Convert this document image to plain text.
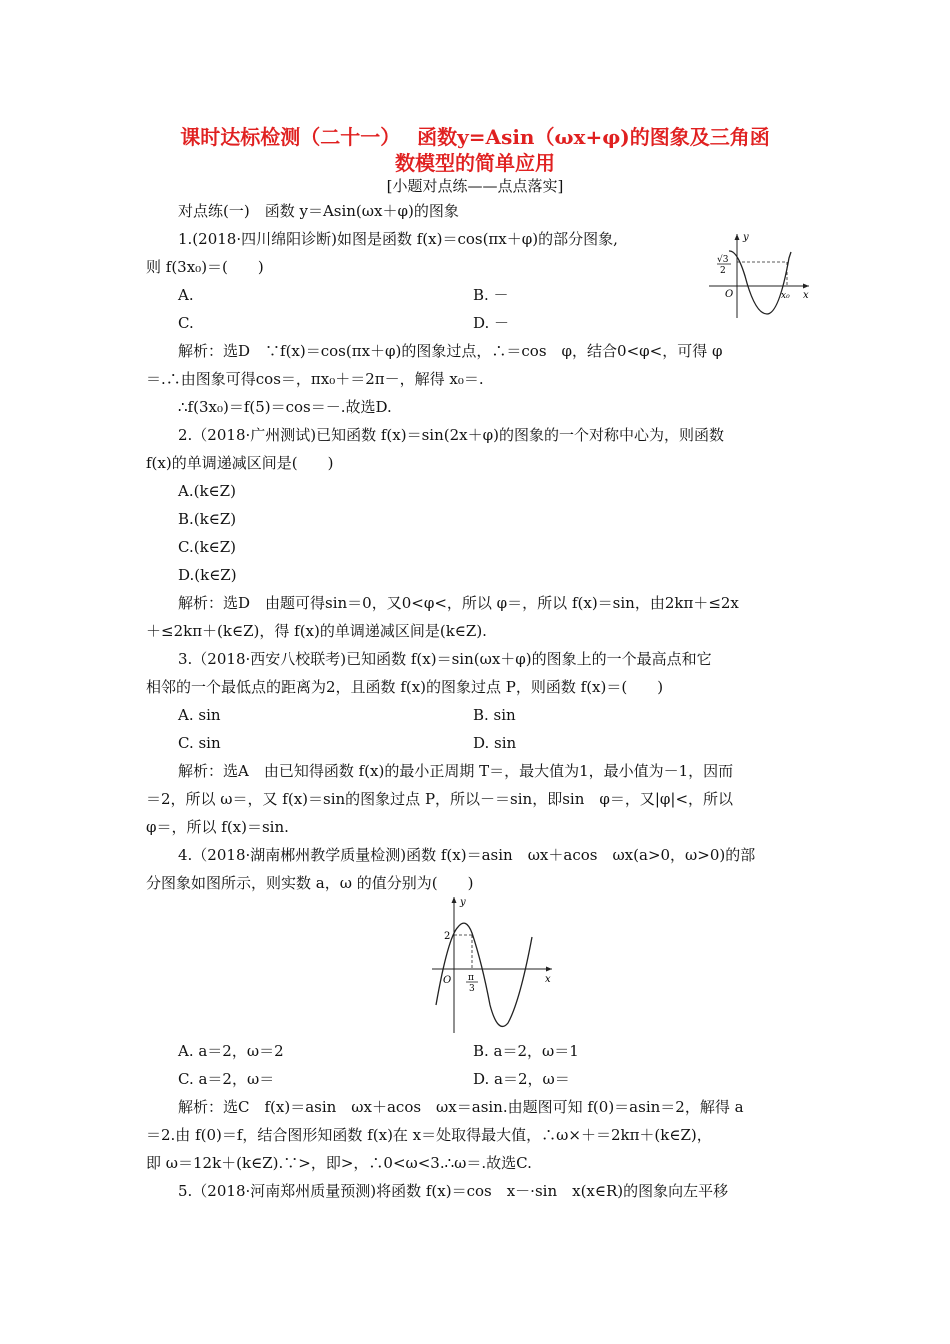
课时达标检测（二十一）　 函数y=Asin（ωx+φ)的图象及三角函
数模型的简单应用
[小题对点练——点点落实]
对点练(一)　函数 y＝Asin(ωx＋φ)的图象
1.(2018·四川绵阳诊断)如图是函数 f(x)＝cos(πx＋φ)的部分图象,
则 f(3x₀)＝(　　)
A.	B. －
C.	D. －
y
x
O	x₀
√3
2
解析：选D　∵f(x)＝cos(πx＋φ)的图象过点，∴＝cos　φ，结合0<φ<，可得 φ
＝.∴由图象可得cos＝，πx₀＋＝2π－，解得 x₀＝.
∴f(3x₀)＝f(5)＝cos＝－.故选D.
2.（2018·广州测试)已知函数 f(x)＝sin(2x＋φ)的图象的一个对称中心为，则函数
f(x)的单调递减区间是(　　)
A.(k∈Z)
B.(k∈Z)
C.(k∈Z)
D.(k∈Z)
解析：选D　由题可得sin＝0，又0<φ<，所以 φ＝，所以 f(x)＝sin，由2kπ＋≤2x
＋≤2kπ＋(k∈Z)，得 f(x)的单调递减区间是(k∈Z).
3.（2018·西安八校联考)已知函数 f(x)＝sin(ωx＋φ)的图象上的一个最高点和它
相邻的一个最低点的距离为2，且函数 f(x)的图象过点 P，则函数 f(x)＝(　　)
A. sin	B. sin
C. sin	D. sin
解析：选A　由已知得函数 f(x)的最小正周期 T＝，最大值为1，最小值为－1，因而
＝2，所以 ω＝，又 f(x)＝sin的图象过点 P，所以－＝sin，即sin　φ＝，又|φ|<，所以
φ＝，所以 f(x)＝sin.
4.（2018·湖南郴州教学质量检测)函数 f(x)＝asin　ωx＋acos　ωx(a>0，ω>0)的部
分图象如图所示，则实数 a，ω 的值分别为(　　)
y
x
O
2
π
3
A. a＝2，ω＝2	B. a＝2，ω＝1
C. a＝2，ω＝	D. a＝2，ω＝
解析：选C　f(x)＝asin　ωx＋acos　ωx＝asin.由题图可知 f(0)＝asin＝2，解得 a
＝2.由 f(0)＝f，结合图形知函数 f(x)在 x＝处取得最大值，∴ω×＋＝2kπ＋(k∈Z)，
即 ω＝12k＋(k∈Z).∵>，即>，∴0<ω<3.∴ω＝.故选C.
5.（2018·河南郑州质量预测)将函数 f(x)＝cos　x－·sin　x(x∈R)的图象向左平移
